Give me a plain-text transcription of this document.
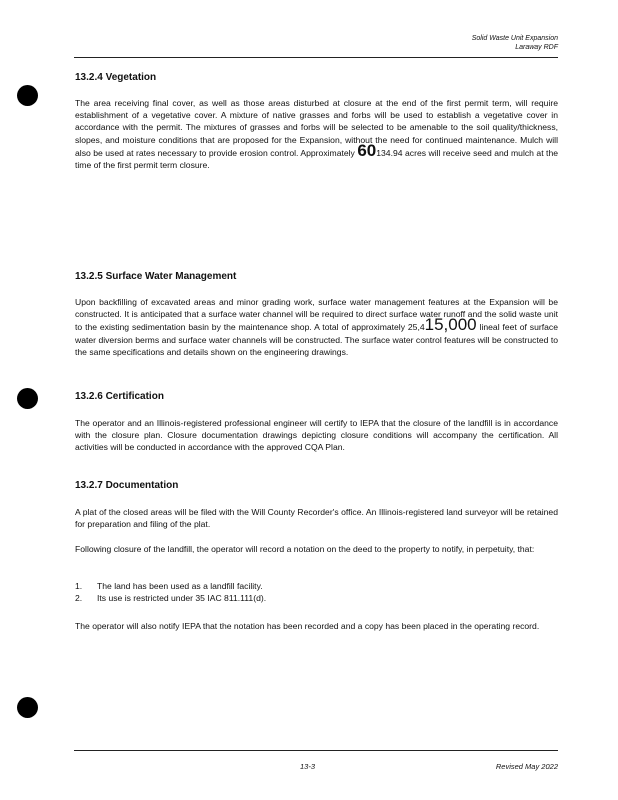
Solid Waste Unit Expansion
Laraway RDF
13.2.4 Vegetation
The area receiving final cover, as well as those areas disturbed at closure at the end of the first permit term, will require establishment of a vegetative cover. A mixture of native grasses and forbs will be used to establish a vegetative cover in accordance with the permit. The mixtures of grasses and forbs will be selected to be amenable to the soil quality/thickness, slopes, and moisture conditions that are proposed for the Expansion, without the need for continued maintenance. Mulch will also be used at rates necessary to provide erosion control. Approximately 60134.94 acres will receive seed and mulch at the time of the first permit term closure.
13.2.5 Surface Water Management
Upon backfilling of excavated areas and minor grading work, surface water management features at the Expansion will be constructed. It is anticipated that a surface water channel will be required to direct surface water runoff and the solid waste unit to the existing sedimentation basin by the maintenance shop. A total of approximately 25,415,000 lineal feet of surface water diversion berms and surface water channels will be constructed. The surface water control features will be constructed to the same specifications and details shown on the engineering drawings.
13.2.6 Certification
The operator and an Illinois-registered professional engineer will certify to IEPA that the closure of the landfill is in accordance with the closure plan. Closure documentation drawings depicting closure conditions will accompany the certification. All activities will be conducted in accordance with the approved CQA Plan.
13.2.7 Documentation
A plat of the closed areas will be filed with the Will County Recorder's office. An Illinois-registered land surveyor will be retained for preparation and filing of the plat.
Following closure of the landfill, the operator will record a notation on the deed to the property to notify, in perpetuity, that:
1.	The land has been used as a landfill facility.
2.	Its use is restricted under 35 IAC 811.111(d).
The operator will also notify IEPA that the notation has been recorded and a copy has been placed in the operating record.
13-3	Revised May 2022
